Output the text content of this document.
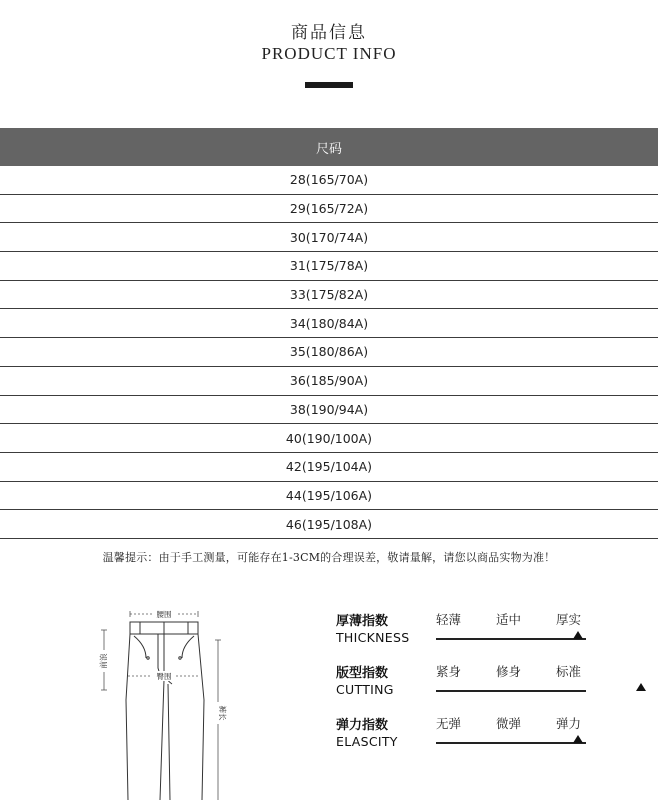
商品信息
PRODUCT INFO
尺码					
28(165/70A)					
29(165/72A)					
30(170/74A)					
31(175/78A)					
33(175/82A)					
34(180/84A)					
35(180/86A)					
36(185/90A)					
38(190/94A)					
40(190/100A)					
42(195/104A)					
44(195/106A)					
46(195/108A)					
温馨提示：由于手工测量，可能存在1-3CM的合理误差，敬请量解，请您以商品实物为准！
腰围
臀围
前浪
裤长
厚薄指数
THICKNESS
轻薄	适中	厚实
版型指数
CUTTING
紧身	修身	标准
弹力指数
ELASCITY
无弹	微弹	弹力
